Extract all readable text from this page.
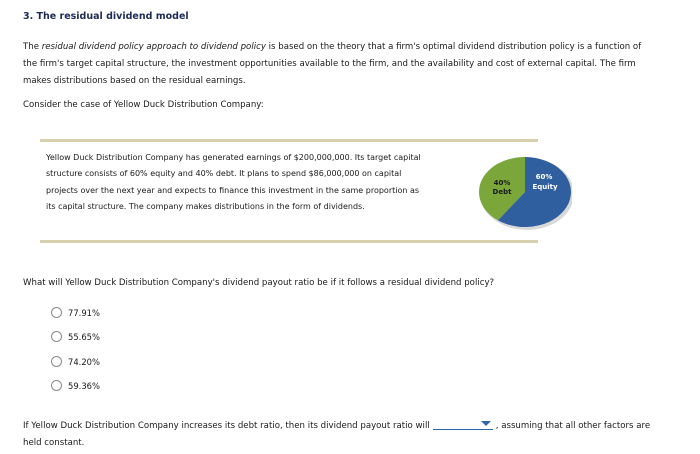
3. The residual dividend model
The residual dividend policy approach to dividend policy is based on the theory that a firm's optimal dividend distribution policy is a function of the firm's target capital structure, the investment opportunities available to the firm, and the availability and cost of external capital. The firm makes distributions based on the residual earnings.
Consider the case of Yellow Duck Distribution Company:
Yellow Duck Distribution Company has generated earnings of $200,000,000. Its target capital structure consists of 60% equity and 40% debt. It plans to spend $86,000,000 on capital projects over the next year and expects to finance this investment in the same proportion as its capital structure. The company makes distributions in the form of dividends.
40%
Debt
60%
Equity
What will Yellow Duck Distribution Company's dividend payout ratio be if it follows a residual dividend policy?
77.91%
55.65%
74.20%
59.36%
If Yellow Duck Distribution Company increases its debt ratio, then its dividend payout ratio will	, assuming that all other factors are held constant.
